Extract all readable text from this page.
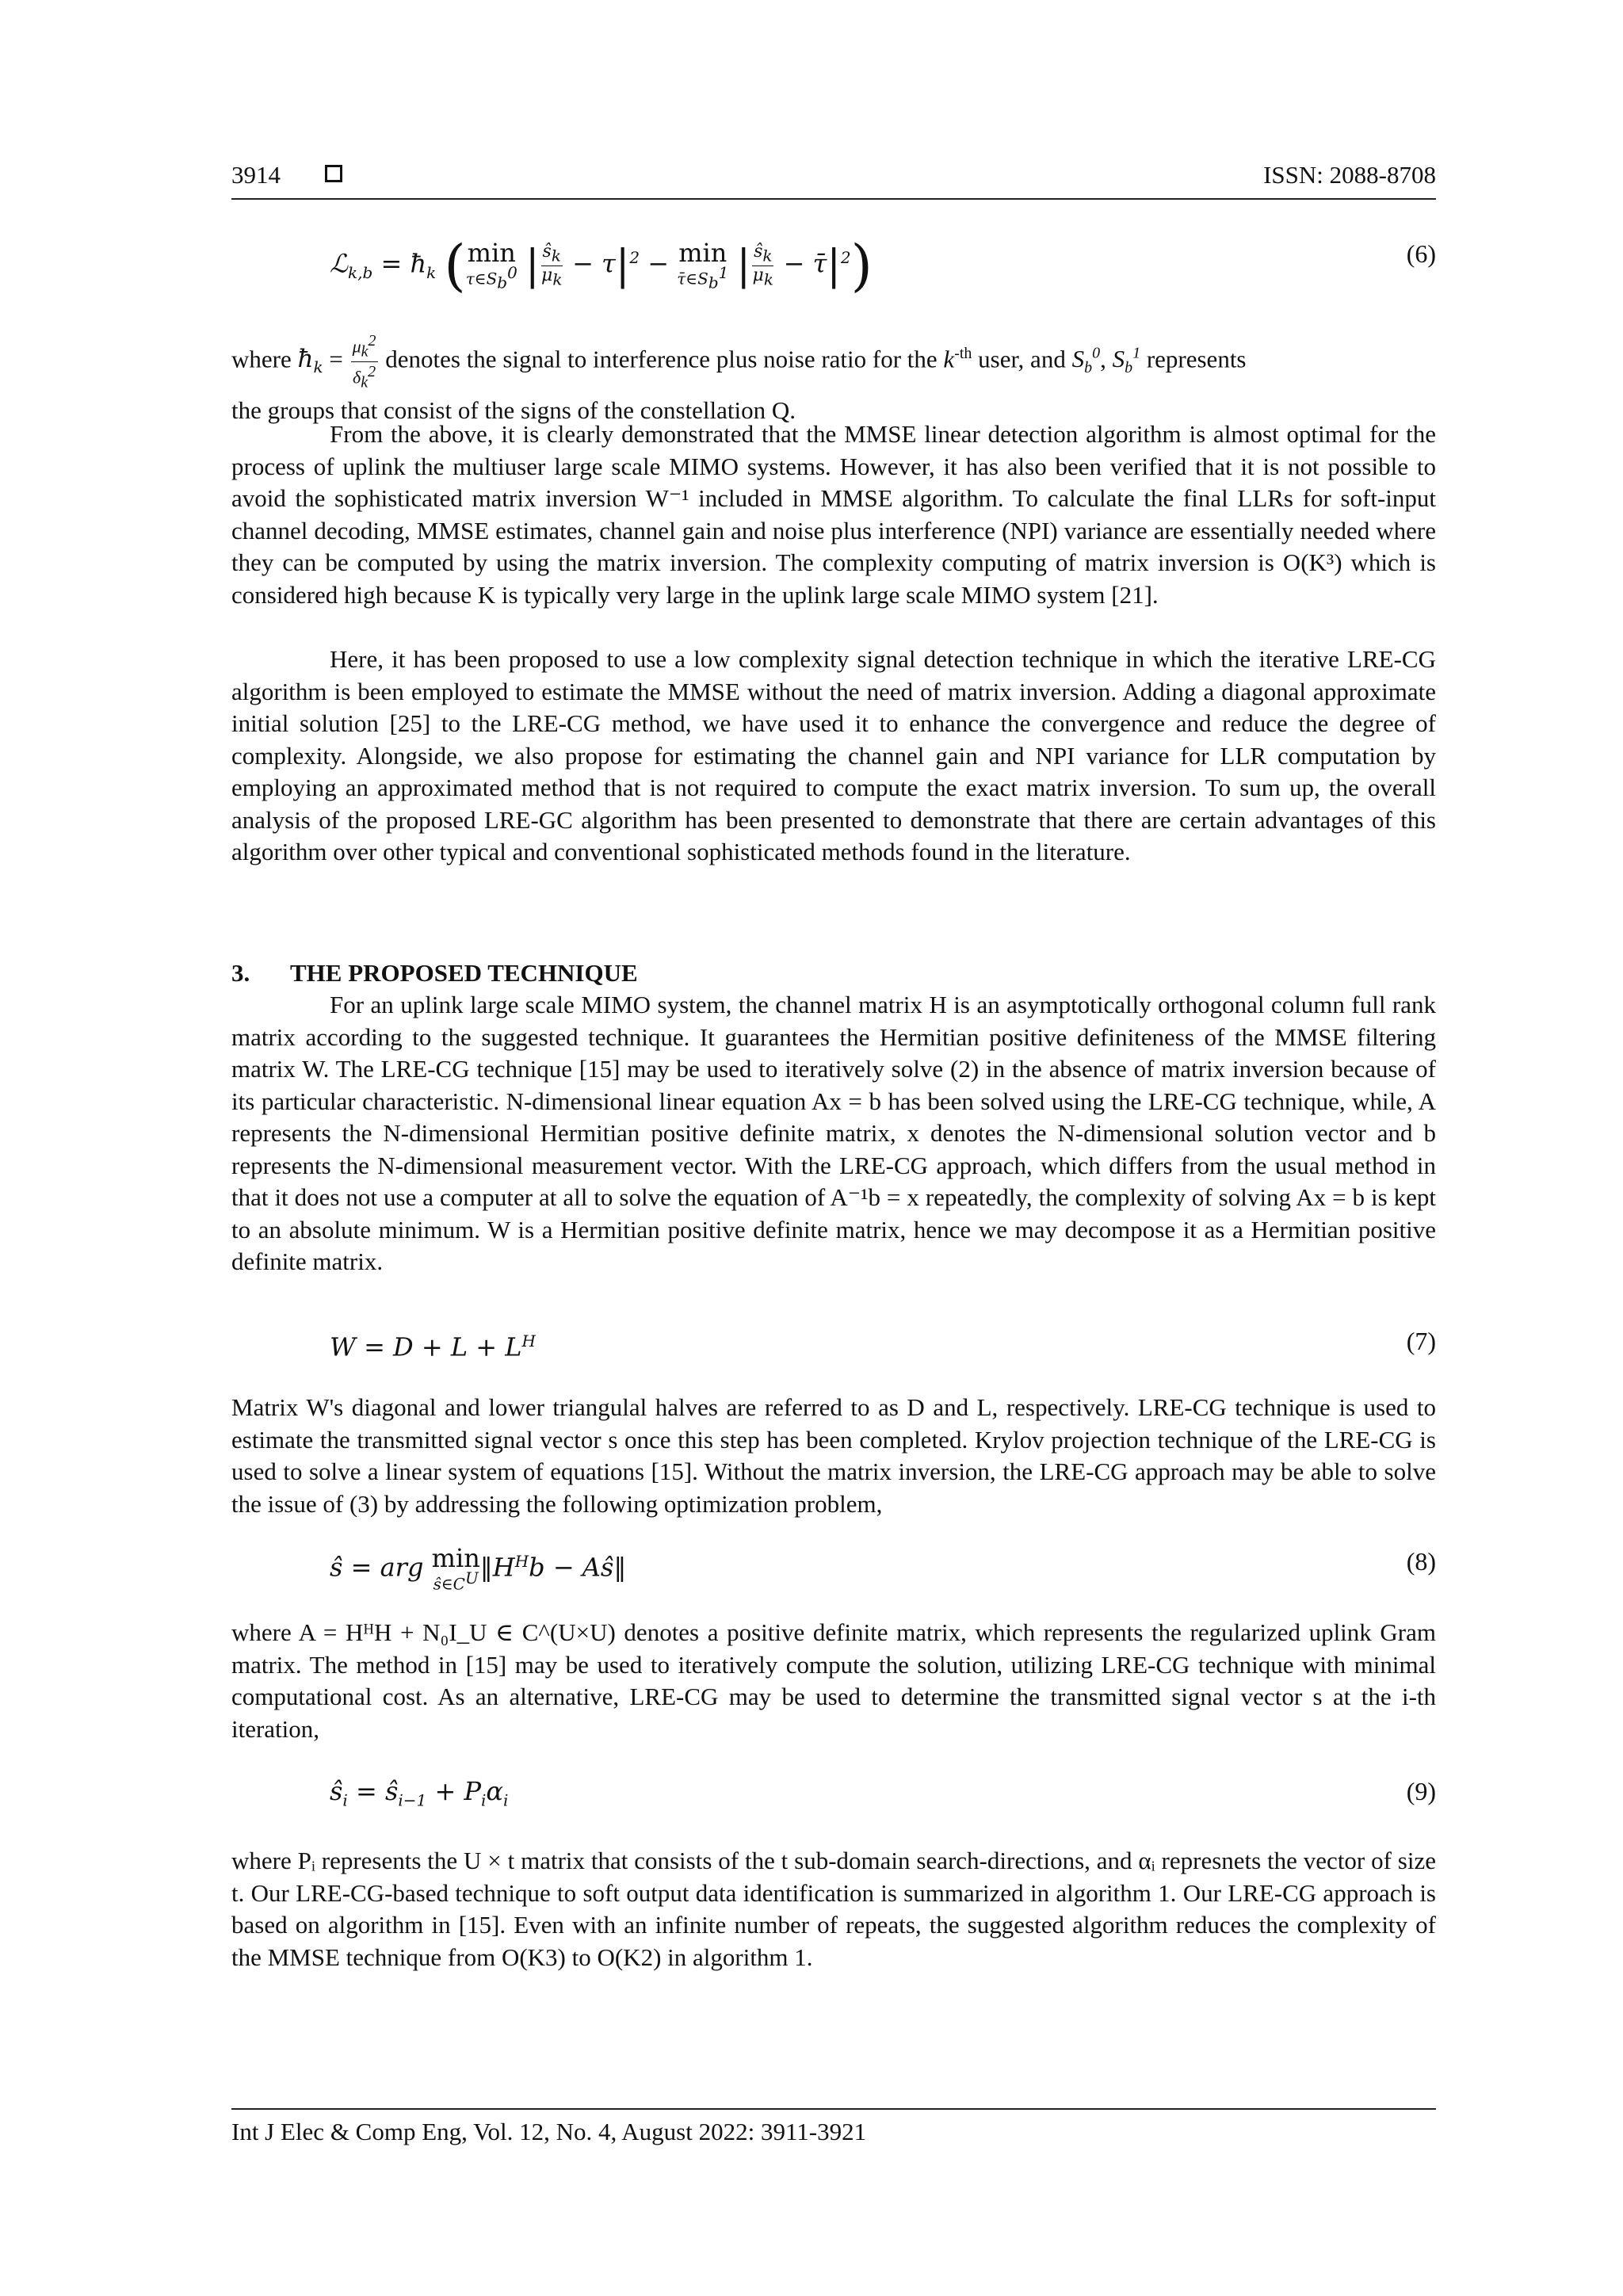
3914	ISSN: 2088-8708
ℒ$_{k,b}$ = $ħ_k$ (min
$\tau\in S_b^0$ | $\frac{ŝ_k}{\mu_k} - \tau|^2 - \min$
$\taū\in S_b^1$ | $\frac{ŝ_k}{\mu_k}$ − $\taū|^2$)	( 6 )
where $ħ_k = \frac{\mu_k^2}{\delta_k^2}$ denotes the signal to interference plus noise ratio for the $k^{-th}$ user, and $S_b^0$, $S_b^1$ represents
the groups that consist of the signs of the constellation Q.
From the above, it is clearly demonstrated that the MMSE linear detection algorithm is almost optimal for the process of uplink the multiuser large scale MIMO systems. However, it has also been verified that it is not possible to avoid the sophisticated matrix inversion W⁻¹ included in MMSE algorithm. To calculate the final LLRs for soft-input channel decoding, MMSE estimates, channel gain and noise plus interference (NPI) variance are essentially needed where they can be computed by using the matrix inversion. The complexity computing of matrix inversion is O(K³) which is considered high because K is typically very large in the uplink large scale MIMO system [21].
Here, it has been proposed to use a low complexity signal detection technique in which the iterative LRE-CG algorithm is been employed to estimate the MMSE without the need of matrix inversion. Adding a diagonal approximate initial solution [25] to the LRE-CG method, we have used it to enhance the convergence and reduce the degree of complexity. Alongside, we also propose for estimating the channel gain and NPI variance for LLR computation by employing an approximated method that is not required to compute the exact matrix inversion. To sum up, the overall analysis of the proposed LRE-GC algorithm has been presented to demonstrate that there are certain advantages of this algorithm over other typical and conventional sophisticated methods found in the literature.
3. THE PROPOSED TECHNIQUE
For an uplink large scale MIMO system, the channel matrix H is an asymptotically orthogonal column full rank matrix according to the suggested technique. It guarantees the Hermitian positive definiteness of the MMSE filtering matrix W. The LRE-CG technique [15] may be used to iteratively solve (2) in the absence of matrix inversion because of its particular characteristic. N-dimensional linear equation Ax = b has been solved using the LRE-CG technique, while, A represents the N-dimensional Hermitian positive definite matrix, x denotes the N-dimensional solution vector and b represents the N-dimensional measurement vector. With the LRE-CG approach, which differs from the usual method in that it does not use a computer at all to solve the equation of A⁻¹b = x repeatedly, the complexity of solving Ax = b is kept to an absolute minimum. W is a Hermitian positive definite matrix, hence we may decompose it as a Hermitian positive definite matrix.
$W = D + L + L^H$	( 7 )
Matrix W's diagonal and lower triangulal halves are referred to as D and L, respectively. LRE-CG technique is used to estimate the transmitted signal vector s once this step has been completed. Krylov projection technique of the LRE-CG is used to solve a linear system of equations [15]. Without the matrix inversion, the LRE-CG approach may be able to solve the issue of (3) by addressing the following optimization problem,
ŝ = arg min
$ŝ\in C^U$ $‖H^Hb$ − Aŝ‖	( 8 )
where A = HᴴH + N₀I_U ∈ C^(U×U) denotes a positive definite matrix, which represents the regularized uplink Gram matrix. The method in [15] may be used to iteratively compute the solution, utilizing LRE-CG technique with minimal computational cost. As an alternative, LRE-CG may be used to determine the transmitted signal vector s at the i-th iteration,
$ŝ_i$ = $ŝ_{i-1} + P_i\alpha_i$	( 9 )
where Pᵢ represents the U × t matrix that consists of the t sub-domain search-directions, and αᵢ represnets the vector of size t. Our LRE-CG-based technique to soft output data identification is summarized in algorithm 1. Our LRE-CG approach is based on algorithm in [15]. Even with an infinite number of repeats, the suggested algorithm reduces the complexity of the MMSE technique from O(K3) to O(K2) in algorithm 1.
Int J Elec & Comp Eng, Vol. 12, No. 4, August 2022: 3911-3921
